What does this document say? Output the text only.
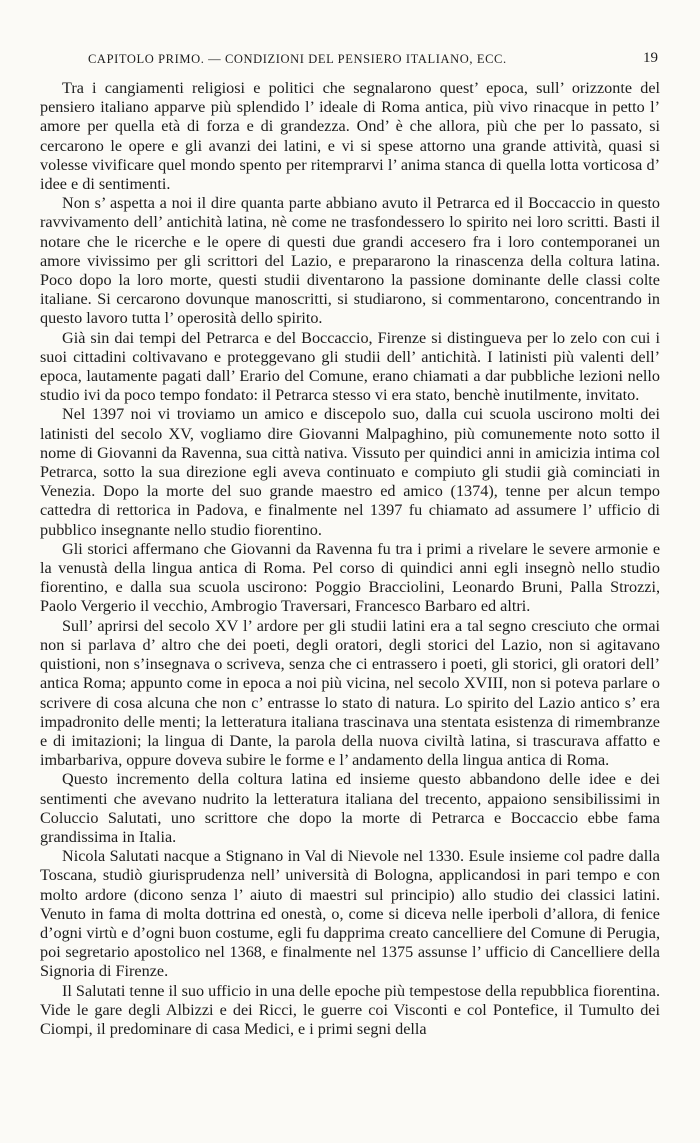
CAPITOLO PRIMO. — CONDIZIONI DEL PENSIERO ITALIANO, ECC.	19

Tra i cangiamenti religiosi e politici che segnalarono quest’ epoca, sull’ orizzonte del pensiero italiano apparve più splendido l’ ideale di Roma antica, più vivo rinacque in petto l’ amore per quella età di forza e di grandezza. Ond’ è che allora, più che per lo passato, si cercarono le opere e gli avanzi dei latini, e vi si spese attorno una grande attività, quasi si volesse vivificare quel mondo spento per ritemprarvi l’ anima stanca di quella lotta vorticosa d’ idee e di sentimenti.

Non s’ aspetta a noi il dire quanta parte abbiano avuto il Petrarca ed il Boccaccio in questo ravvivamento dell’ antichità latina, nè come ne trasfondessero lo spirito nei loro scritti. Basti il notare che le ricerche e le opere di questi due grandi accesero fra i loro contemporanei un amore vivissimo per gli scrittori del Lazio, e prepararono la rinascenza della coltura latina. Poco dopo la loro morte, questi studii diventarono la passione dominante delle classi colte italiane. Si cercarono dovunque manoscritti, si studiarono, si commentarono, concentrando in questo lavoro tutta l’ operosità dello spirito.

Già sin dai tempi del Petrarca e del Boccaccio, Firenze si distingueva per lo zelo con cui i suoi cittadini coltivavano e proteggevano gli studii dell’ antichità. I latinisti più valenti dell’ epoca, lautamente pagati dall’ Erario del Comune, erano chiamati a dar pubbliche lezioni nello studio ivi da poco tempo fondato: il Petrarca stesso vi era stato, benchè inutilmente, invitato.

Nel 1397 noi vi troviamo un amico e discepolo suo, dalla cui scuola uscirono molti dei latinisti del secolo XV, vogliamo dire Giovanni Malpaghino, più comunemente noto sotto il nome di Giovanni da Ravenna, sua città nativa. Vissuto per quindici anni in amicizia intima col Petrarca, sotto la sua direzione egli aveva continuato e compiuto gli studii già cominciati in Venezia. Dopo la morte del suo grande maestro ed amico (1374), tenne per alcun tempo cattedra di rettorica in Padova, e finalmente nel 1397 fu chiamato ad assumere l’ ufficio di pubblico insegnante nello studio fiorentino.

Gli storici affermano che Giovanni da Ravenna fu tra i primi a rivelare le severe armonie e la venustà della lingua antica di Roma. Pel corso di quindici anni egli insegnò nello studio fiorentino, e dalla sua scuola uscirono: Poggio Bracciolini, Leonardo Bruni, Palla Strozzi, Paolo Vergerio il vecchio, Ambrogio Traversari, Francesco Barbaro ed altri.

Sull’ aprirsi del secolo XV l’ ardore per gli studii latini era a tal segno cresciuto che ormai non si parlava d’ altro che dei poeti, degli oratori, degli storici del Lazio, non si agitavano quistioni, non s’insegnava o scriveva, senza che ci entrassero i poeti, gli storici, gli oratori dell’ antica Roma; appunto come in epoca a noi più vicina, nel secolo XVIII, non si poteva parlare o scrivere di cosa alcuna che non c’ entrasse lo stato di natura. Lo spirito del Lazio antico s’ era impadronito delle menti; la letteratura italiana trascinava una stentata esistenza di rimembranze e di imitazioni; la lingua di Dante, la parola della nuova civiltà latina, si trascurava affatto e imbarbariva, oppure doveva subire le forme e l’ andamento della lingua antica di Roma.

Questo incremento della coltura latina ed insieme questo abbandono delle idee e dei sentimenti che avevano nudrito la letteratura italiana del trecento, appaiono sensibilissimi in Coluccio Salutati, uno scrittore che dopo la morte di Petrarca e Boccaccio ebbe fama grandissima in Italia.

Nicola Salutati nacque a Stignano in Val di Nievole nel 1330. Esule insieme col padre dalla Toscana, studiò giurisprudenza nell’ università di Bologna, applicandosi in pari tempo e con molto ardore (dicono senza l’ aiuto di maestri sul principio) allo studio dei classici latini. Venuto in fama di molta dottrina ed onestà, o, come si diceva nelle iperboli d’allora, di fenice d’ogni virtù e d’ogni buon costume, egli fu dapprima creato cancelliere del Comune di Perugia, poi segretario apostolico nel 1368, e finalmente nel 1375 assunse l’ ufficio di Cancelliere della Signoria di Firenze.

Il Salutati tenne il suo ufficio in una delle epoche più tempestose della repubblica fiorentina. Vide le gare degli Albizzi e dei Ricci, le guerre coi Visconti e col Pontefice, il Tumulto dei Ciompi, il predominare di casa Medici, e i primi segni della
